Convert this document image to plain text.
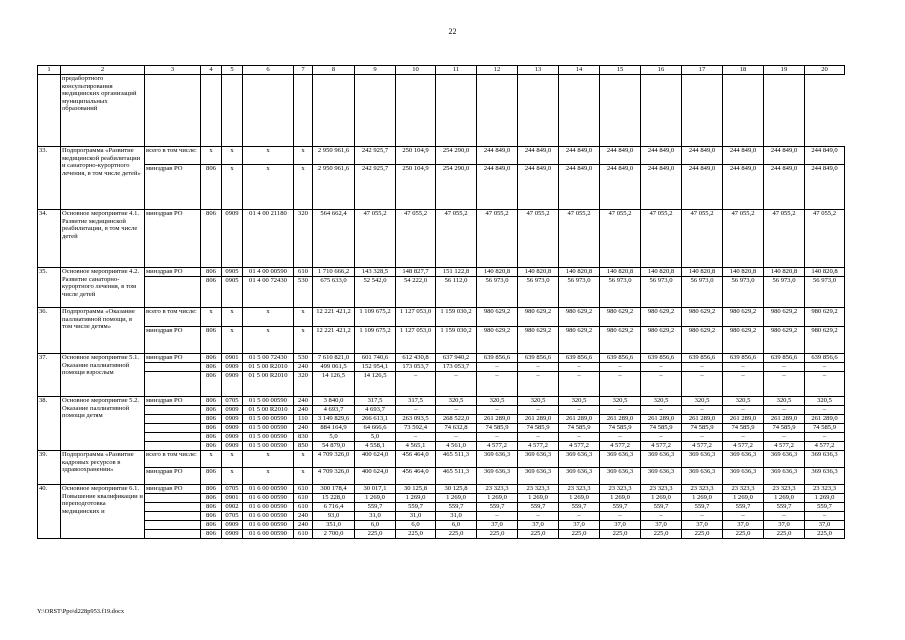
22
1	2	3	4	5	6	7	8	9	10	11	12	13	14	15	16	17	18	19	20
	предабортного консультирования медицинских организаций муниципальных образований																		
33.	Подпрограмма «Развитие медицинской реабилитации и санаторно-курортного лечения, в том числе детей»	всего в том числе:	x	x	x	x	2 950 961,6	242 925,7	250 104,9	254 290,0	244 849,0	244 849,0	244 849,0	244 849,0	244 849,0	244 849,0	244 849,0	244 849,0	244 849,0
		минздрав РО	806	x	x	x	2 950 961,6	242 925,7	250 104,9	254 290,0	244 849,0	244 849,0	244 849,0	244 849,0	244 849,0	244 849,0	244 849,0	244 849,0	244 849,0
34.	Основное мероприятие 4.1. Развитие медицинской реабилитации, в том числе детей	минздрав РО	806	0909	01 4 00 21180	320	564 662,4	47 055,2	47 055,2	47 055,2	47 055,2	47 055,2	47 055,2	47 055,2	47 055,2	47 055,2	47 055,2	47 055,2	47 055,2
35.	Основное мероприятие 4.2. Развитие санаторно-курортного лечения, в том числе детей	минздрав РО	806	0905	01 4 00 00590	610	1 710 666,2	143 328,5	148 827,7	151 122,8	140 820,8	140 820,8	140 820,8	140 820,8	140 820,8	140 820,8	140 820,8	140 820,8	140 820,8
			806	0905	01 4 00 72430	530	675 633,0	52 542,0	54 222,0	56 112,0	56 973,0	56 973,0	56 973,0	56 973,0	56 973,0	56 973,0	56 973,0	56 973,0	56 973,0
36.	Подпрограмма «Оказание паллиативной помощи, в том числе детям»	всего в том числе:	x	x	x	x	12 221 421,2	1 109 675,2	1 127 053,0	1 159 030,2	980 629,2	980 629,2	980 629,2	980 629,2	980 629,2	980 629,2	980 629,2	980 629,2	980 629,2
		минздрав РО	806	x	x	x	12 221 421,2	1 109 675,2	1 127 053,0	1 159 030,2	980 629,2	980 629,2	980 629,2	980 629,2	980 629,2	980 629,2	980 629,2	980 629,2	980 629,2
37.	Основное мероприятие 5.1. Оказание паллиативной помощи взрослым	минздрав РО	806	0901	01 5 00 72430	530	7 610 821,0	601 740,6	612 430,8	637 940,2	639 856,6	639 856,6	639 856,6	639 856,6	639 856,6	639 856,6	639 856,6	639 856,6	639 856,6
			806	0909	01 5 00 R2010	240	499 061,5	152 954,1	173 053,7	173 053,7	–	–	–	–	–	–	–	–	–
			806	0909	01 5 00 R2010	320	14 126,5	14 126,5	–	–	–	–	–	–	–	–	–	–	–
38.	Основное мероприятие 5.2. Оказание паллиативной помощи детям	минздрав РО	806	0705	01 5 00 00590	240	3 840,0	317,5	317,5	320,5	320,5	320,5	320,5	320,5	320,5	320,5	320,5	320,5	320,5
			806	0909	01 5 00 R2010	240	4 693,7	4 693,7	–	–	–	–	–	–	–	–	–	–	–
			806	0909	01 5 00 00590	110	3 149 829,6	266 613,1	263 093,5	268 522,0	261 289,0	261 289,0	261 289,0	261 289,0	261 289,0	261 289,0	261 289,0	261 289,0	261 289,0
			806	0909	01 5 00 00590	240	884 164,9	64 666,6	73 592,4	74 632,8	74 585,9	74 585,9	74 585,9	74 585,9	74 585,9	74 585,9	74 585,9	74 585,9	74 585,9
			806	0909	01 5 00 00590	830	5,0	5,0	–	–	–	–	–	–	–	–	–	–	–
			806	0909	01 5 00 00590	850	54 879,0	4 558,1	4 565,1	4 561,0	4 577,2	4 577,2	4 577,2	4 577,2	4 577,2	4 577,2	4 577,2	4 577,2	4 577,2
39.	Подпрограмма «Развитие кадровых ресурсов в здравоохранении»	всего в том числе:	x	x	x	x	4 709 326,0	400 624,0	456 464,0	465 511,3	369 636,3	369 636,3	369 636,3	369 636,3	369 636,3	369 636,3	369 636,3	369 636,3	369 636,3
		минздрав РО	806	x	x	x	4 709 326,0	400 624,0	456 464,0	465 511,3	369 636,3	369 636,3	369 636,3	369 636,3	369 636,3	369 636,3	369 636,3	369 636,3	369 636,3
40.	Основное мероприятие 6.1. Повышение квалификации и переподготовка медицинских и	минздрав РО	806	0705	01 6 00 00590	610	300 178,4	30 017,1	30 125,8	30 125,8	23 323,3	23 323,3	23 323,3	23 323,3	23 323,3	23 323,3	23 323,3	23 323,3	23 323,3
			806	0901	01 6 00 00590	610	15 228,0	1 269,0	1 269,0	1 269,0	1 269,0	1 269,0	1 269,0	1 269,0	1 269,0	1 269,0	1 269,0	1 269,0	1 269,0
			806	0902	01 6 00 00590	610	6 716,4	559,7	559,7	559,7	559,7	559,7	559,7	559,7	559,7	559,7	559,7	559,7	559,7
			806	0705	01 6 00 00590	240	93,0	31,0	31,0	31,0	–	–	–	–	–	–	–	–	–
			806	0909	01 6 00 00590	240	351,0	6,0	6,0	6,0	37,0	37,0	37,0	37,0	37,0	37,0	37,0	37,0	37,0
			806	0909	01 6 00 00590	610	2 700,0	225,0	225,0	225,0	225,0	225,0	225,0	225,0	225,0	225,0	225,0	225,0	225,0
Y:\ORST\Ppo\d228p953.f19.docx
